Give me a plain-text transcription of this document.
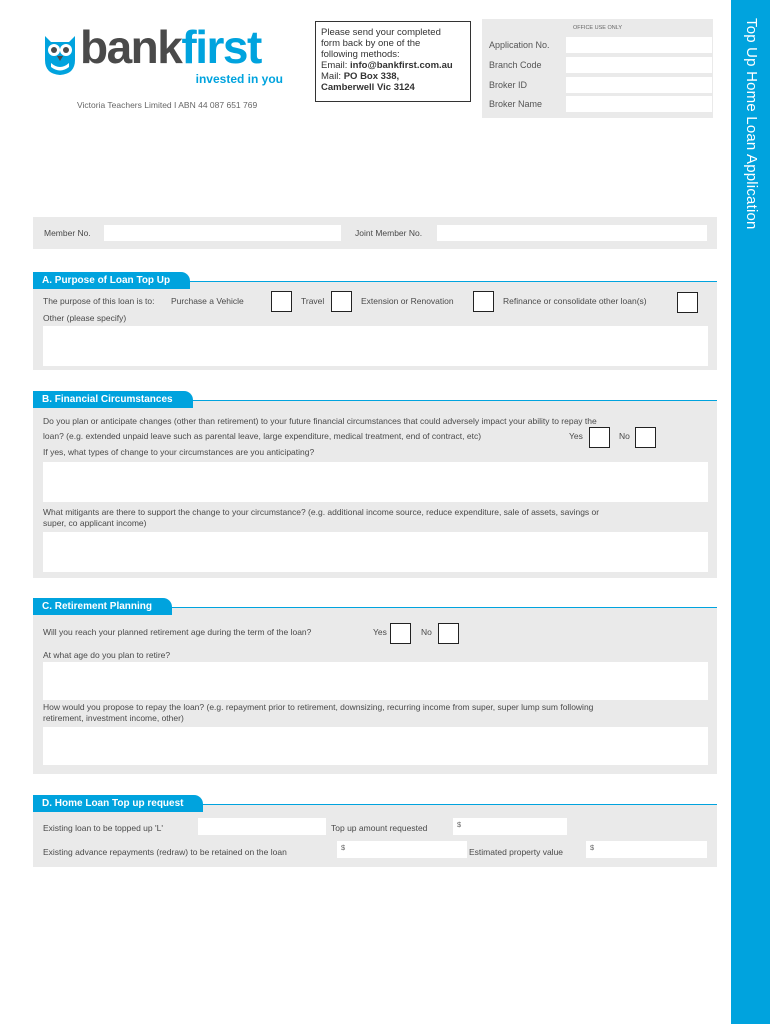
Top Up Home Loan Application
bankfirst
invested in you
Victoria Teachers Limited I ABN 44 087 651 769
Please send your completed
form back by one of the
following methods:
Email: info@bankfirst.com.au
Mail: PO Box 338,
Camberwell Vic 3124
OFFICE USE ONLY
Application No.
Branch Code
Broker ID
Broker Name
Member No.	Joint Member No.
A. Purpose of Loan Top Up
The purpose of this loan is to: Purchase a Vehicle	Travel	Extension or Renovation	Refinance or consolidate other loan(s)
Other (please specify)
B. Financial Circumstances
Do you plan or anticipate changes (other than retirement) to your future financial circumstances that could adversely impact your ability to repay the
loan? (e.g. extended unpaid leave such as parental leave, large expenditure, medical treatment, end of contract, etc)	Yes	No
If yes, what types of change to your circumstances are you anticipating?
What mitigants are there to support the change to your circumstance? (e.g. additional income source, reduce expenditure, sale of assets, savings or
super, co applicant income)
C. Retirement Planning
Will you reach your planned retirement age during the term of the loan?	Yes	No
At what age do you plan to retire?
How would you propose to repay the loan? (e.g. repayment prior to retirement, downsizing, recurring income from super, super lump sum following
retirement, investment income, other)
D. Home Loan Top up request
Existing loan to be topped up 'L'	Top up amount requested	$
Existing advance repayments (redraw) to be retained on the loan	$	Estimated property value	$
